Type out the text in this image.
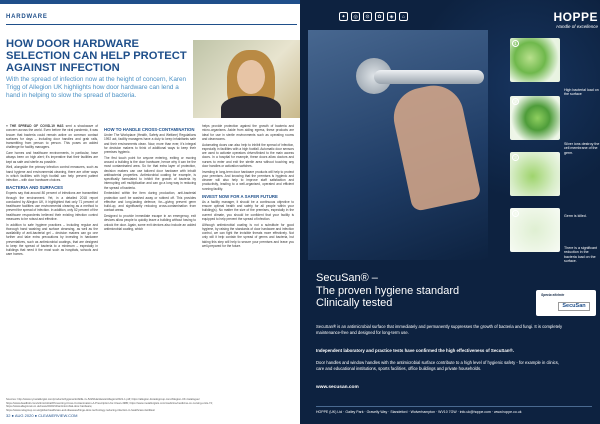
HARDWARE
HOW DOOR HARDWARE SELECTION CAN HELP PROTECT AGAINST INFECTION

With the spread of infection now at the height of concern, Karen Trigg of Allegion UK highlights how door hardware can lend a hand in helping to slow the spread of bacteria.

» THE SPREAD OF COVID-19 HAS sent a shockwave of concern across the world. Even before the viral pandemic, it was known that bacteria could remain active on common contact surfaces for days – including door handles and grab rails, transmitting from person to person. This poses an added challenge for facility managers.

Care homes and healthcare environments, in particular, have always been on high alert; it's imperative that their facilities are kept as safe and sterile as possible.

Well, alongside the primary infection control measures, such as hand hygiene and environmental cleaning, there are other ways in which facilities with high footfall can help prevent patient infection – with door hardware choices.

BACTERIA AND SURFACES

Experts say that around 80 percent of infections are transmitted through the environment. Yet, in a detailed 2018 report conducted by Allegion UK, it highlighted that only 71 percent of healthcare facilities use environmental cleaning as a method to prevent the spread of infection. In addition, only 52 percent of the healthcare respondents believed their existing infection control measures to be robust and effective.

In addition to safe hygiene practices – including regular and thorough hand washing and surface cleansing, as well as the availability of anti-bacterial gel – decision makers can go one further and take extra precautions by investing in hardware preventatives, such as antimicrobial coatings, that are designed to keep the spread of bacteria to a minimum – especially in buildings that need it the most such as hospitals, schools and care homes.

HOW TO HANDLE CROSS-CONTAMINATION

Under The Workplace (Health, Safety and Welfare) Regulations 1992 act, facility managers have a duty to keep inhabitants safe and their environments clean. Now, more than ever, it's integral for decision makers to think of additional ways to keep their premises hygienic.

The first touch point for anyone entering, exiting or moving around a building is the door hardware, hence why it can be the most contaminated area. So for that extra layer of protection, decision makers can use tailored door hardware with inbuilt antibacterial properties. Antimicrobial coating for example, is specifically formulated to inhibit the growth of bacteria by interrupting cell multiplication and can go a long way in reducing the spread of bacteria.

Embedded within the item during production, anti-bacterial protection can't be washed away or rubbed off. This provides effective and long-lasting defence, for—giving prevent germ build-up, and significantly reducing cross-contamination from contact areas.

Designed to provide immediate escape in an emergency, exit devices allow people to quickly leave a building without having to unlock the door. Again, some exit devices also include an added antimicrobial coating, which

helps provide protection against the growth of bacteria and micro-organisms. Aside from aiding egress, these products are ideal for use in sterile environments such as operating rooms and cleanrooms.

Automating doors can also help to inhibit the spread of infection, especially in facilities with a high footfall. Automatic door sensors are used to activate operators driven/linked to the main access doors. In a hospital for example, these doors allow doctors and nurses to enter and exit the sterile area without touching any door handles or activation switches.

Investing in long-term door hardware products will help to protect your premises. And knowing that the premises is hygienic and cleaner will also help to improve staff satisfaction and productivity, leading to a well-organised, operated and efficient running facility.

INVEST NOW FOR A SAFER FUTURE

As a facility manager, it should be a continuous objective to ensure optimal health and safety for all people within your building(s). No matter the size of the premises, especially in the current climate, you should be confident that your facility is equipped to help prevent the spread of infection.

Although antimicrobial coating is not a substitute for good hygiene, by raising the standards of door hardware and infection control, we can fight the invisible threats more effectively. Not only will it help contain the spread of germs and bacteria, but taking this step will help to secure your premises and leave you well-prepared for the future.

Sources: http://www.nymetallurgist.com/products/hygiene/lo/ADE-nv-5229/Hardware/Allegion/2021-1.pdf; https://allegion.doradogroup.com/Allegion-UK-Catalogue/
https://www.deadbolt.com/artimicrobial/Preventing-Cross-Contamination-A-Prescription-for-Clean-4980; https://www.metallurgists.com/medicine/medicine-co-nursing-units-74;
https://www.allegionuk.co.uk/news/2020/10/antimicrobial-door-hardware;
https://www.nelsgroup.co.uk/global-healthcare-and-diseases/hinge-door-technology-reducing-infection-in-healthcare-facilities/
32 ● AUG 2020 ● CLEANERVIEW.COM
✦	◎	⊙	✿	◈	⌂	HOPPE
Handle of excellence
1
High bacterial load on the surface
2
Silver ions destroy the cell membrane of the germ.
3
Germ is killed.
4
There is a significant reduction in the bacteria load on the surface.
SecuSan® –
The proven hygiene standard
Clinically tested
Specia elichrin
SecuSan

SecuSan® is an antimicrobial surface that immediately and permanently suppresses the growth of bacteria and fungi. It is completely maintenance-free and designed for long-term use.

Independent laboratory and practice tests have confirmed the high effectiveness of SecuSan®.

Door handles and window handles with the antimicrobial surface contribute to a high level of hygienic safety - for example in clinics, care and educational institutions, sports facilities, office buildings and private households.

www.secusan.com
HOPPE (UK) Ltd · Gailey Park · Gravelly Way · Standeford · Wolverhampton · WV10 7GW · info.uk@hoppe.com · www.hoppe.co.uk
